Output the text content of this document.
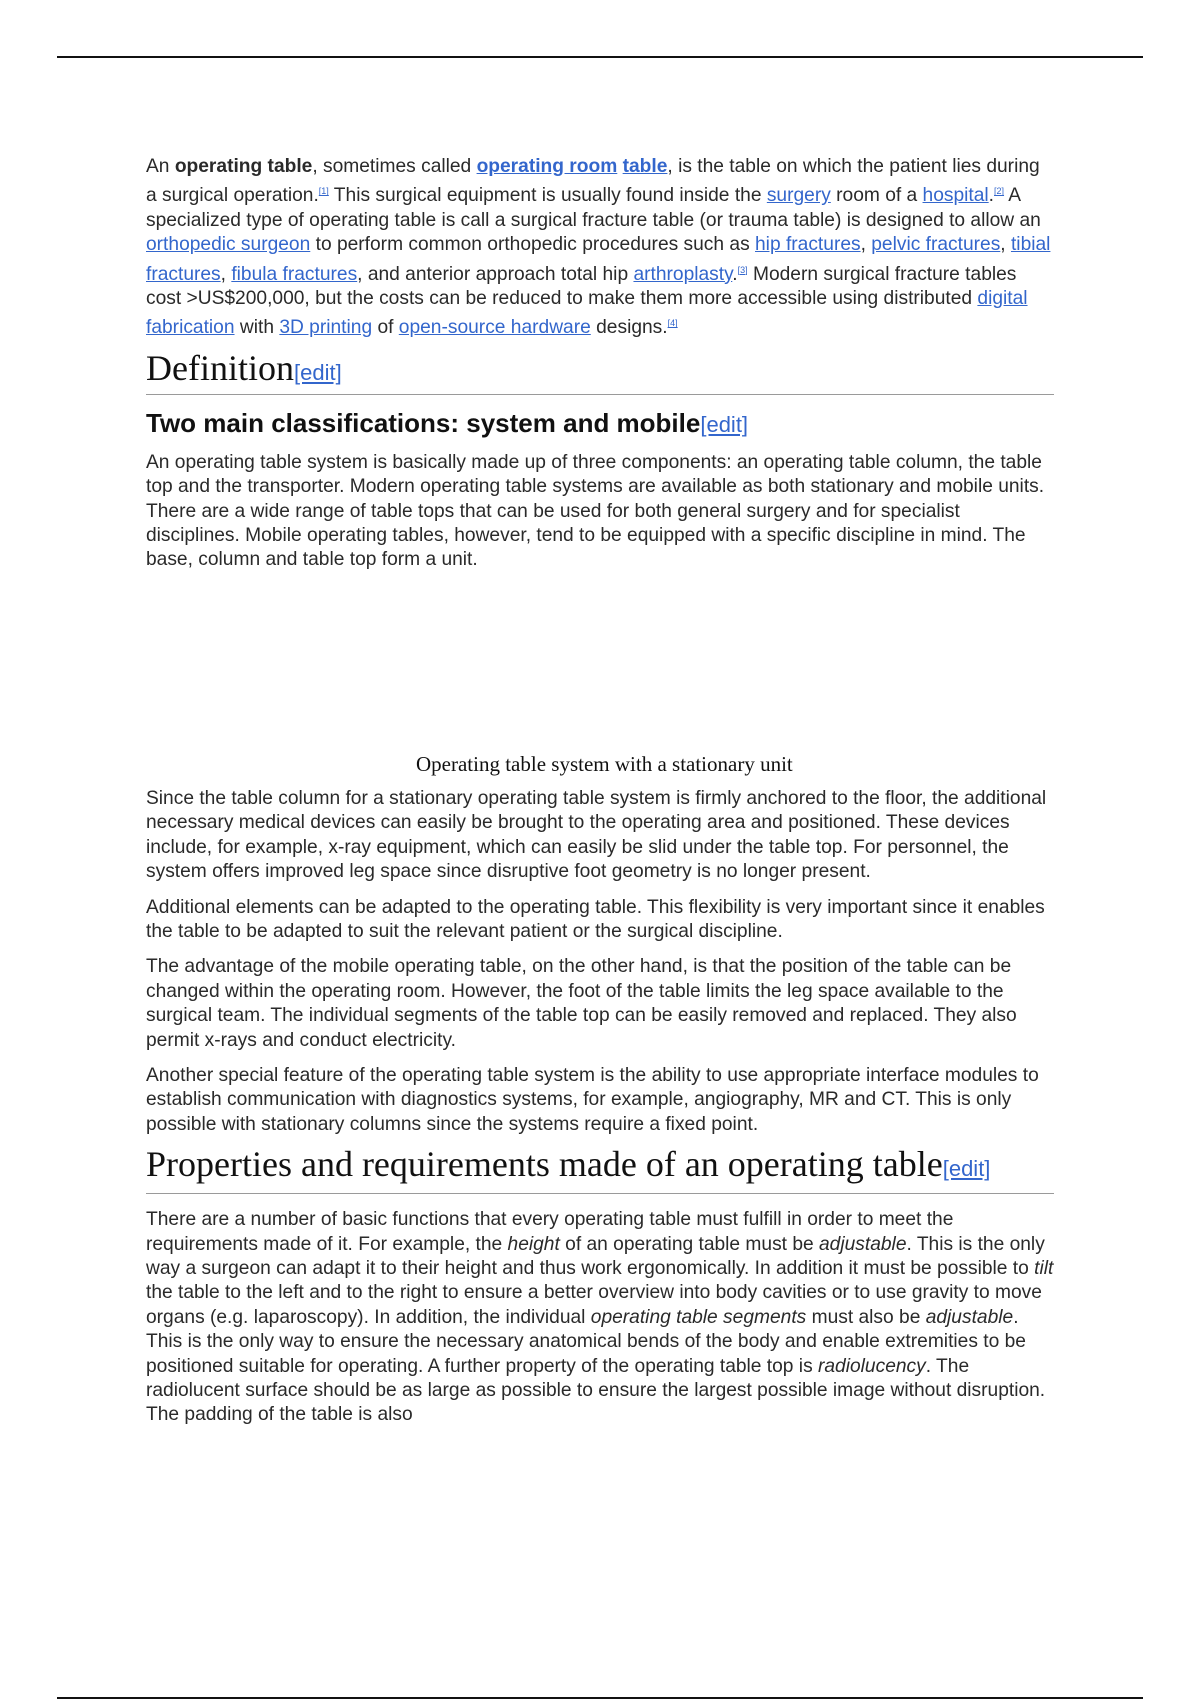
An operating table, sometimes called operating room table, is the table on which the patient lies during a surgical operation.[1] This surgical equipment is usually found inside the surgery room of a hospital.[2] A specialized type of operating table is call a surgical fracture table (or trauma table) is designed to allow an orthopedic surgeon to perform common orthopedic procedures such as hip fractures, pelvic fractures, tibial fractures, fibula fractures, and anterior approach total hip arthroplasty.[3] Modern surgical fracture tables cost >US$200,000, but the costs can be reduced to make them more accessible using distributed digital fabrication with 3D printing of open-source hardware designs.[4]

Definition[edit]
Two main classifications: system and mobile[edit]

An operating table system is basically made up of three components: an operating table column, the table top and the transporter. Modern operating table systems are available as both stationary and mobile units. There are a wide range of table tops that can be used for both general surgery and for specialist disciplines. Mobile operating tables, however, tend to be equipped with a specific discipline in mind. The base, column and table top form a unit.

Operating table system with a stationary unit

Since the table column for a stationary operating table system is firmly anchored to the floor, the additional necessary medical devices can easily be brought to the operating area and positioned. These devices include, for example, x-ray equipment, which can easily be slid under the table top. For personnel, the system offers improved leg space since disruptive foot geometry is no longer present.

Additional elements can be adapted to the operating table. This flexibility is very important since it enables the table to be adapted to suit the relevant patient or the surgical discipline.

The advantage of the mobile operating table, on the other hand, is that the position of the table can be changed within the operating room. However, the foot of the table limits the leg space available to the surgical team. The individual segments of the table top can be easily removed and replaced. They also permit x-rays and conduct electricity.

Another special feature of the operating table system is the ability to use appropriate interface modules to establish communication with diagnostics systems, for example, angiography, MR and CT. This is only possible with stationary columns since the systems require a fixed point.

Properties and requirements made of an operating table[edit]

There are a number of basic functions that every operating table must fulfill in order to meet the requirements made of it. For example, the height of an operating table must be adjustable. This is the only way a surgeon can adapt it to their height and thus work ergonomically. In addition it must be possible to tilt the table to the left and to the right to ensure a better overview into body cavities or to use gravity to move organs (e.g. laparoscopy). In addition, the individual operating table segments must also be adjustable. This is the only way to ensure the necessary anatomical bends of the body and enable extremities to be positioned suitable for operating. A further property of the operating table top is radiolucency. The radiolucent surface should be as large as possible to ensure the largest possible image without disruption. The padding of the table is also
